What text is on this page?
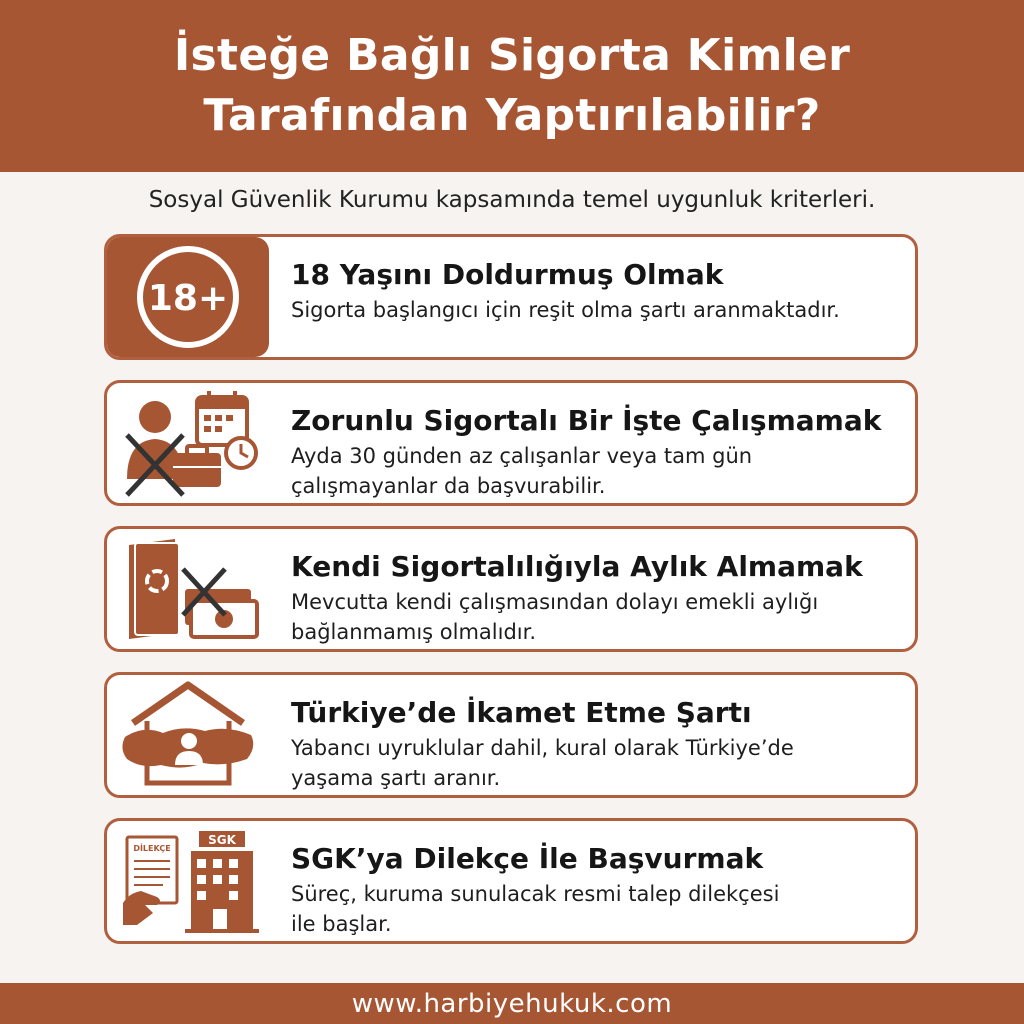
İsteğe Bağlı Sigorta Kimler
Tarafından Yaptırılabilir?
Sosyal Güvenlik Kurumu kapsamında temel uygunluk kriterleri.
18+
18 Yaşını Doldurmuş Olmak
Sigorta başlangıcı için reşit olma şartı aranmaktadır.
Zorunlu Sigortalı Bir İşte Çalışmamak
Ayda 30 günden az çalışanlar veya tam gün
çalışmayanlar da başvurabilir.
Kendi Sigortalılığıyla Aylık Almamak
Mevcutta kendi çalışmasından dolayı emekli aylığı
bağlanmamış olmalıdır.
Türkiye’de İkamet Etme Şartı
Yabancı uyruklular dahil, kural olarak Türkiye’de
yaşama şartı aranır.
DİLEKÇE
SGK
SGK’ya Dilekçe İle Başvurmak
Süreç, kuruma sunulacak resmi talep dilekçesi
ile başlar.
www.harbiyehukuk.com
